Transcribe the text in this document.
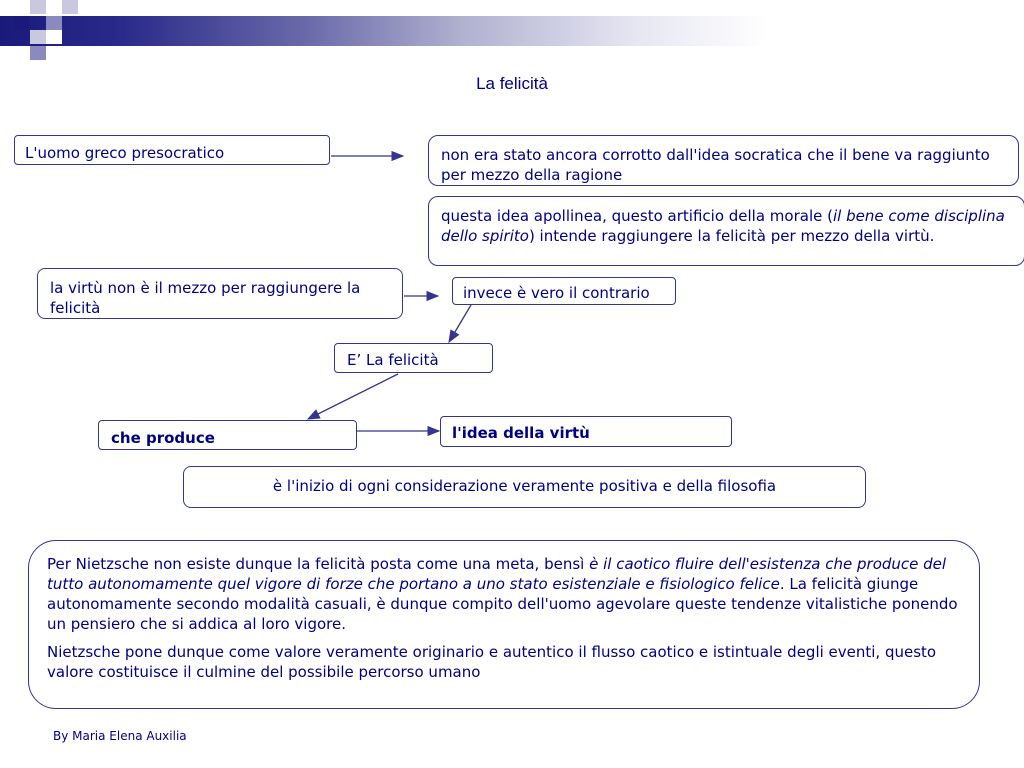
La felicità
L'uomo greco presocratico	non era stato ancora corrotto dall'idea socratica che il bene va raggiunto per mezzo della ragione
questa idea apollinea, questo artificio della morale (il bene come disciplina dello spirito) intende raggiungere la felicità per mezzo della virtù.
la virtù non è il mezzo per raggiungere la felicità
invece è vero il contrario
E’ La felicità
che produce	l'idea della virtù
è l'inizio di ogni considerazione veramente positiva e della filosofia

Per Nietzsche non esiste dunque la felicità posta come una meta, bensì è il caotico fluire dell'esistenza che produce del tutto autonomamente quel vigore di forze che portano a uno stato esistenziale e fisiologico felice. La felicità giunge autonomamente secondo modalità casuali, è dunque compito dell'uomo agevolare queste tendenze vitalistiche ponendo un pensiero che si addica al loro vigore.

Nietzsche pone dunque come valore veramente originario e autentico il flusso caotico e istintuale degli eventi, questo valore costituisce il culmine del possibile percorso umano

By Maria Elena Auxilia
